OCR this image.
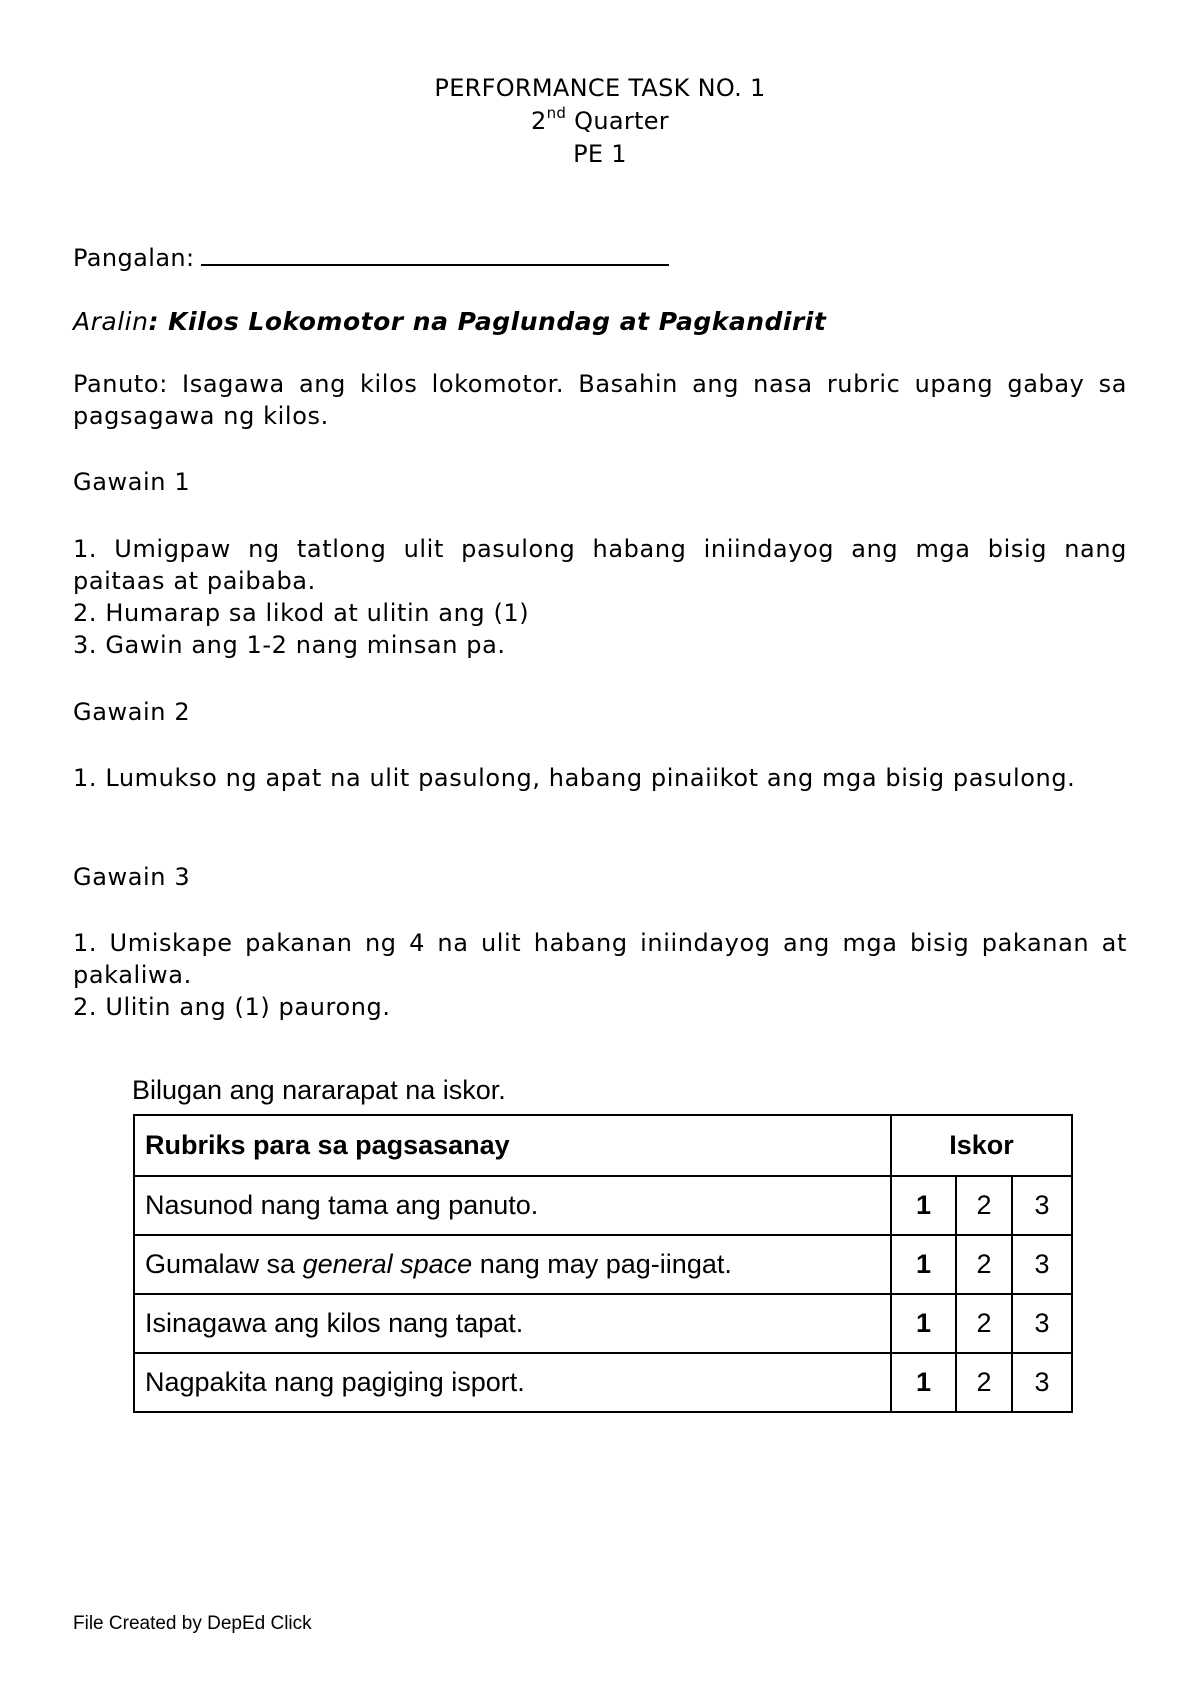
PERFORMANCE TASK NO. 1
2nd Quarter
PE 1
Pangalan:
Aralin: Kilos Lokomotor na Paglundag at Pagkandirit
Panuto: Isagawa ang kilos lokomotor. Basahin ang nasa rubric upang gabay sa pagsagawa ng kilos.
Gawain 1
1. Umigpaw ng tatlong ulit pasulong habang iniindayog ang mga bisig nang paitaas at paibaba.
2. Humarap sa likod at ulitin ang (1)
3. Gawin ang 1-2 nang minsan pa.
Gawain 2
1. Lumukso ng apat na ulit pasulong, habang pinaiikot ang mga bisig pasulong.
Gawain 3
1. Umiskape pakanan ng 4 na ulit habang iniindayog ang mga bisig pakanan at pakaliwa.
2. Ulitin ang (1) paurong.
Bilugan ang nararapat na iskor.
Rubriks para sa pagsasanay	Iskor		
Nasunod nang tama ang panuto.	1	2	3
Gumalaw sa general space nang may pag-iingat.	1	2	3
Isinagawa ang kilos nang tapat.	1	2	3
Nagpakita nang pagiging isport.	1	2	3
File Created by DepEd Click
